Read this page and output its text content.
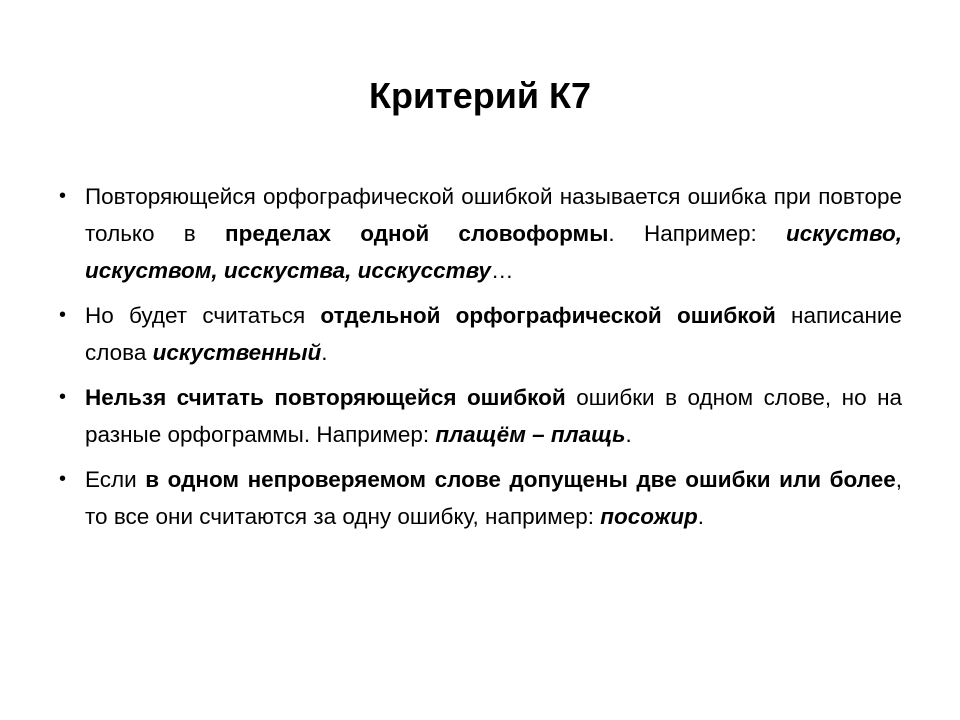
Критерий К7
• Повторяющейся орфографической ошибкой называется ошибка при повторе только в пределах одной словоформы. Например: искуство, искуством, исскуства, исскусству…
• Но будет считаться отдельной орфографической ошибкой написание слова искуственный.
• Нельзя считать повторяющейся ошибкой ошибки в одном слове, но на разные орфограммы. Например: плащём – плащь.
• Если в одном непроверяемом слове допущены две ошибки или более, то все они считаются за одну ошибку, например: посожир.
